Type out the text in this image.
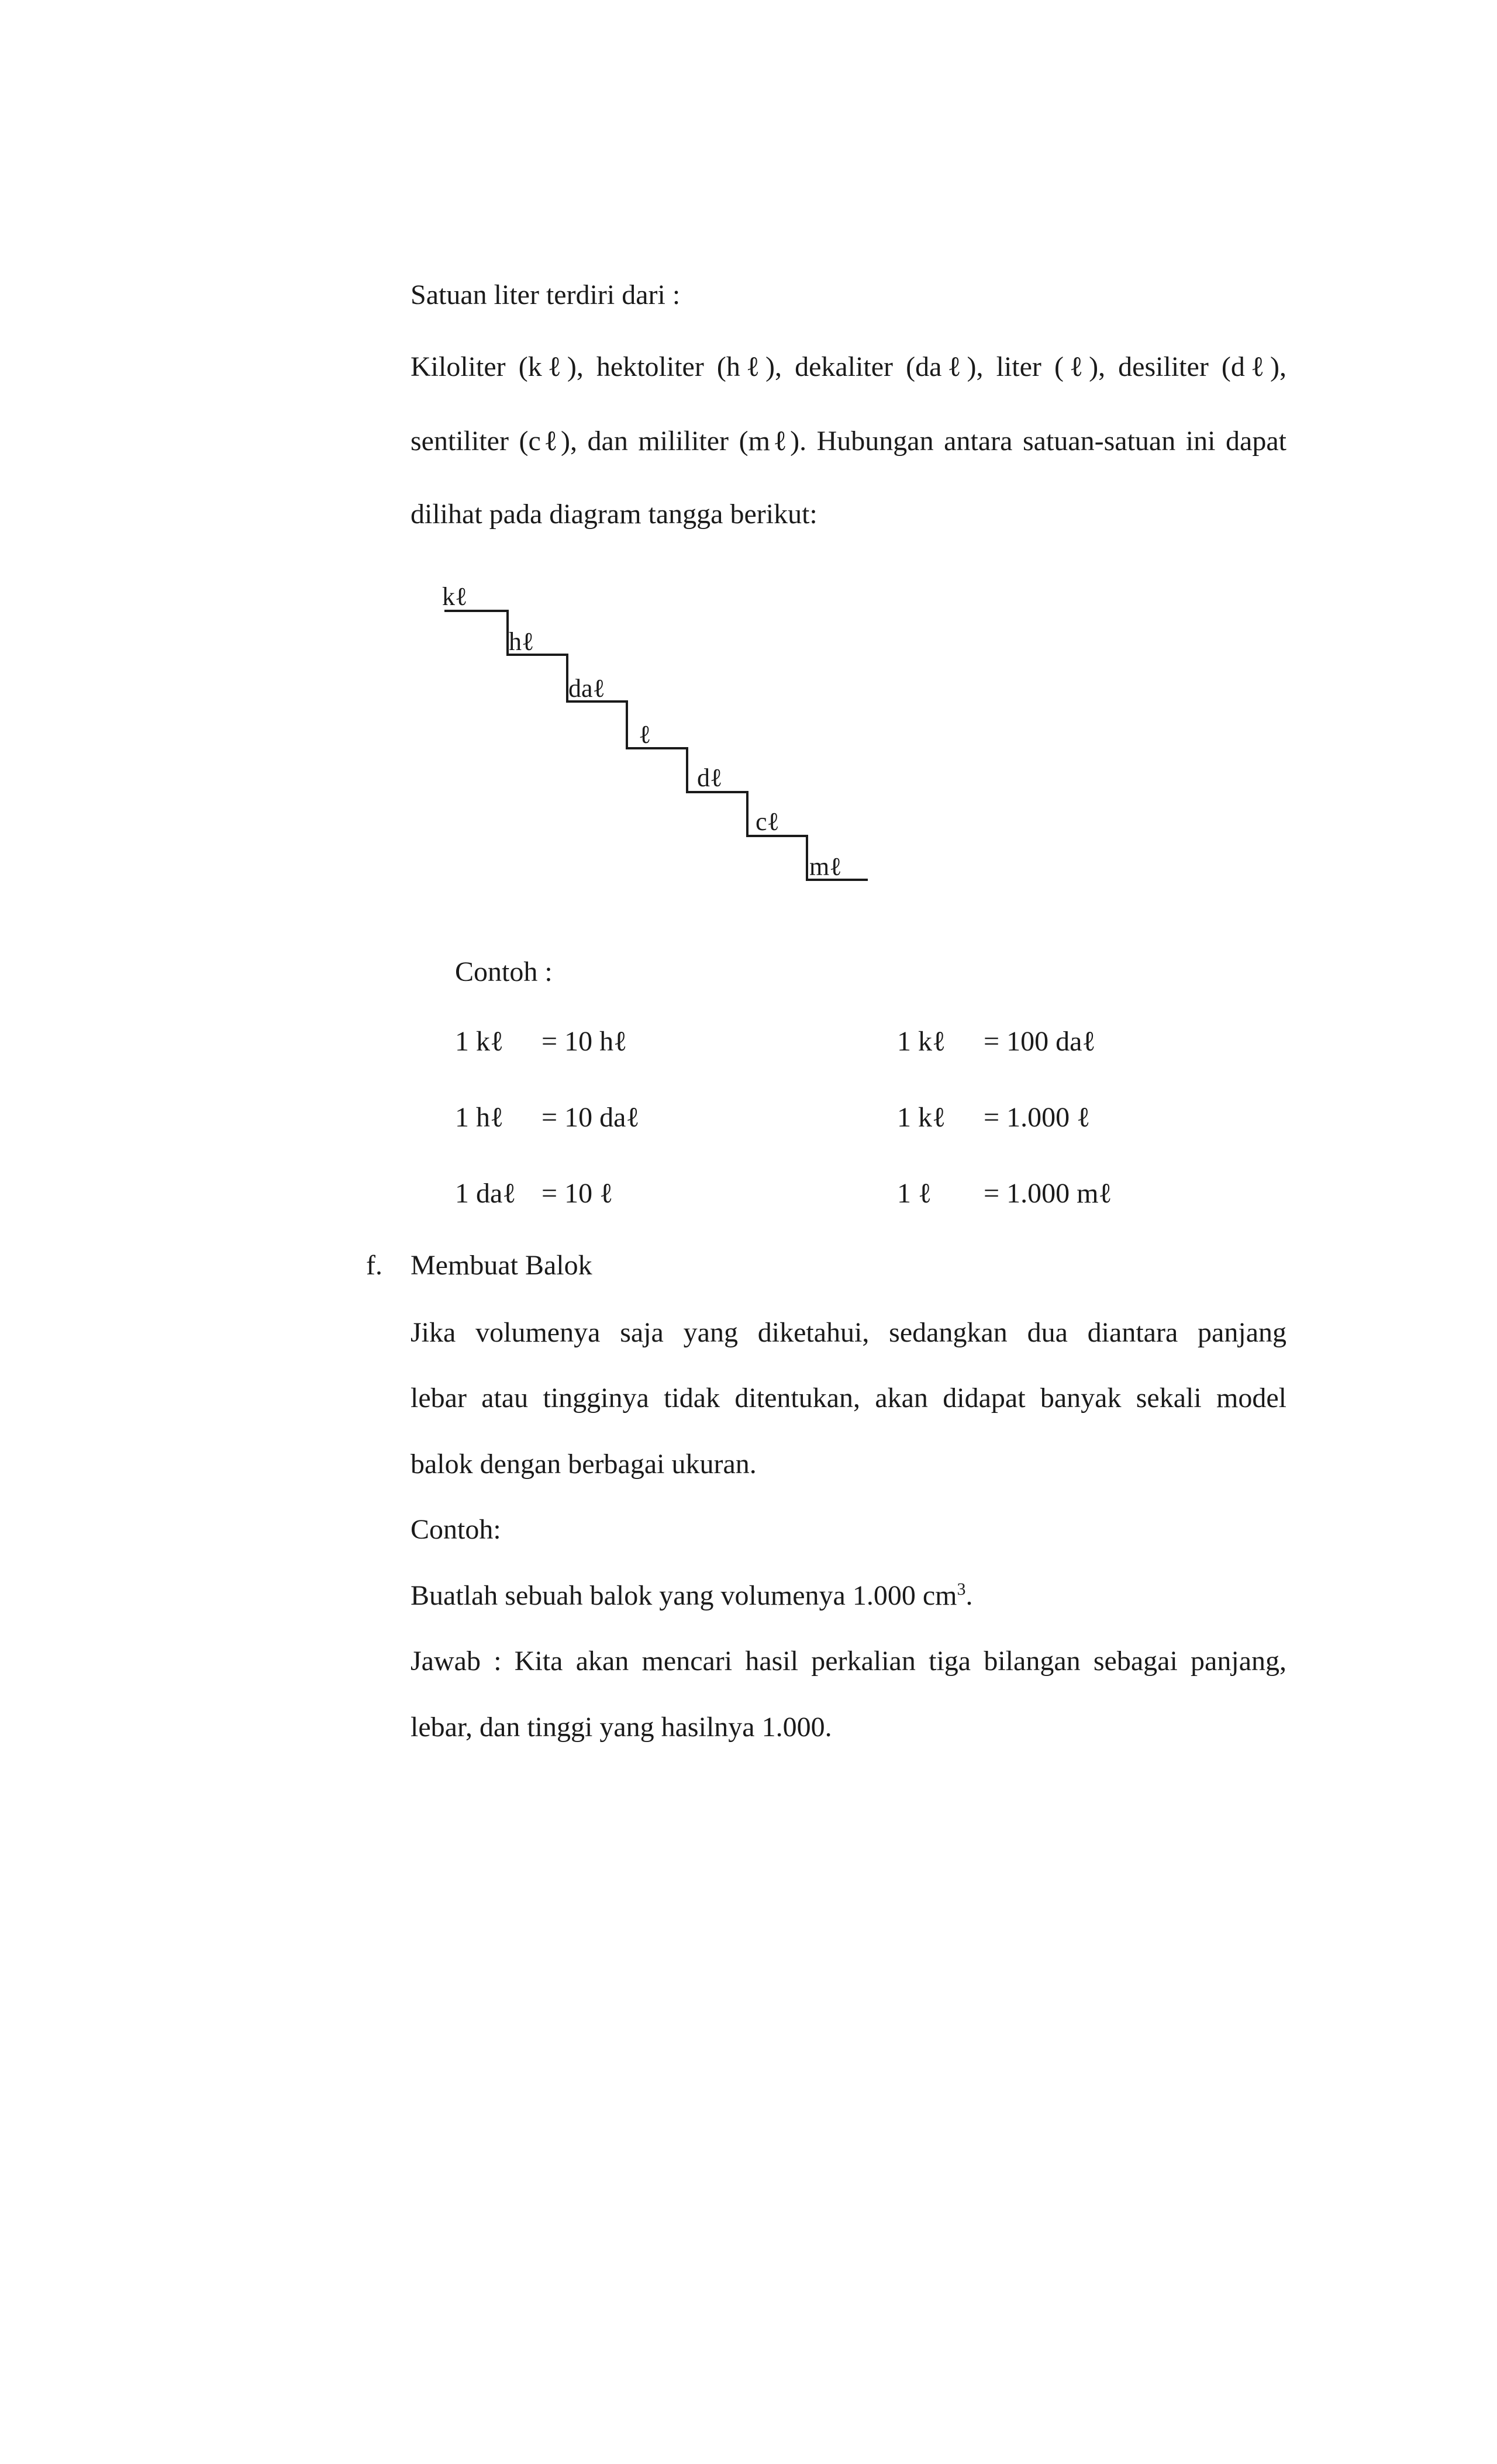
Satuan liter terdiri dari :
Kiloliter (kℓ), hektoliter (hℓ), dekaliter (daℓ), liter (ℓ), desiliter (dℓ),
sentiliter (cℓ), dan mililiter (mℓ). Hubungan antara satuan-satuan ini dapat
dilihat pada diagram tangga berikut:
kℓ
hℓ
daℓ
ℓ
dℓ
cℓ
mℓ
Contoh :
1 kℓ = 10 hℓ	1 kℓ = 100 daℓ
1 hℓ = 10 daℓ	1 kℓ = 1.000 ℓ
1 daℓ = 10 ℓ	1 ℓ = 1.000 mℓ
f. Membuat Balok
Jika volumenya saja yang diketahui, sedangkan dua diantara panjang
lebar atau tingginya tidak ditentukan, akan didapat banyak sekali model
balok dengan berbagai ukuran.
Contoh:
Buatlah sebuah balok yang volumenya 1.000 $cm^3$.
Jawab : Kita akan mencari hasil perkalian tiga bilangan sebagai panjang,
lebar, dan tinggi yang hasilnya 1.000.
